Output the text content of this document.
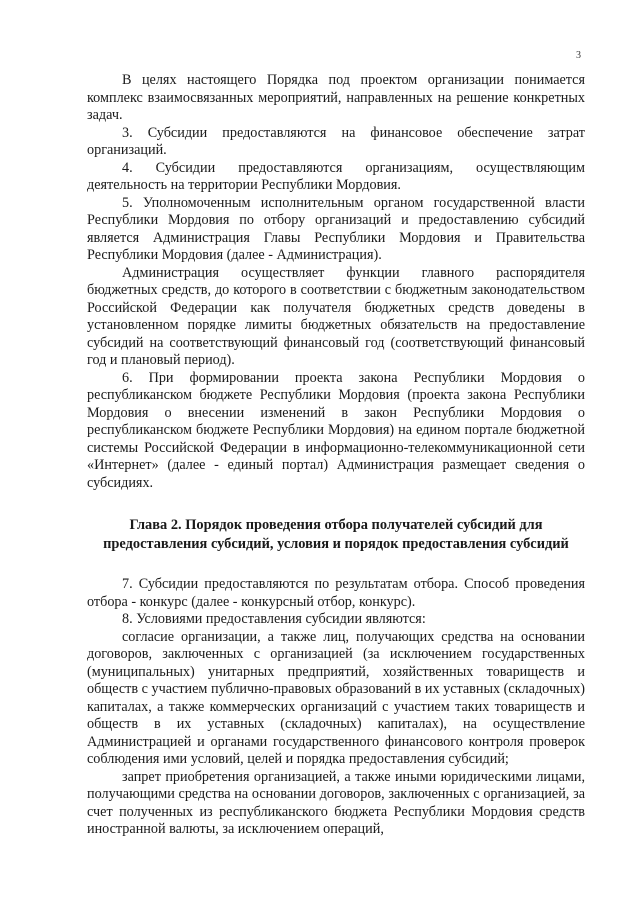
3

В целях настоящего Порядка под проектом организации понимается комплекс взаимосвязанных мероприятий, направленных на решение конкретных задач.

3. Субсидии предоставляются на финансовое обеспечение затрат организаций.

4. Субсидии предоставляются организациям, осуществляющим деятельность на территории Республики Мордовия.

5. Уполномоченным исполнительным органом государственной власти Республики Мордовия по отбору организаций и предоставлению субсидий является Администрация Главы Республики Мордовия и Правительства Республики Мордовия (далее - Администрация).

Администрация осуществляет функции главного распорядителя бюджетных средств, до которого в соответствии с бюджетным законодательством Российской Федерации как получателя бюджетных средств доведены в установленном порядке лимиты бюджетных обязательств на предоставление субсидий на соответствующий финансовый год (соответствующий финансовый год и плановый период).

6. При формировании проекта закона Республики Мордовия о республиканском бюджете Республики Мордовия (проекта закона Республики Мордовия о внесении изменений в закон Республики Мордовия о республиканском бюджете Республики Мордовия) на едином портале бюджетной системы Российской Федерации в информационно-телекоммуникационной сети «Интернет» (далее - единый портал) Администрация размещает сведения о субсидиях.

Глава 2. Порядок проведения отбора получателей субсидий для предоставления субсидий, условия и порядок предоставления субсидий

7. Субсидии предоставляются по результатам отбора. Способ проведения отбора - конкурс (далее - конкурсный отбор, конкурс).

8. Условиями предоставления субсидии являются:

согласие организации, а также лиц, получающих средства на основании договоров, заключенных с организацией (за исключением государственных (муниципальных) унитарных предприятий, хозяйственных товариществ и обществ с участием публично-правовых образований в их уставных (складочных) капиталах, а также коммерческих организаций с участием таких товариществ и обществ в их уставных (складочных) капиталах), на осуществление Администрацией и органами государственного финансового контроля проверок соблюдения ими условий, целей и порядка предоставления субсидий;

запрет приобретения организацией, а также иными юридическими лицами, получающими средства на основании договоров, заключенных с организацией, за счет полученных из республиканского бюджета Республики Мордовия средств иностранной валюты, за исключением операций,
